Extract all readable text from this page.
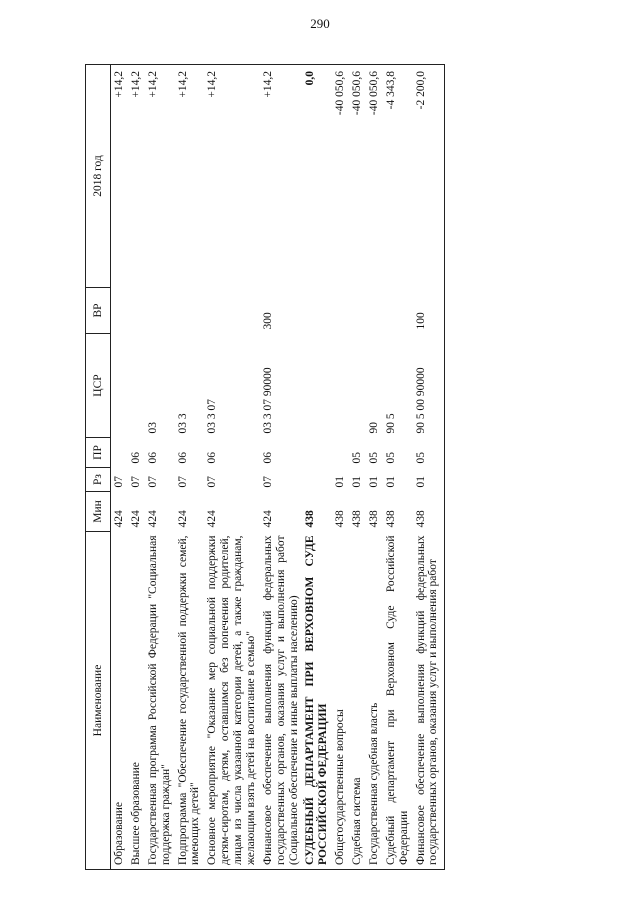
290
Наименование	Мин	Рз	ПР	ЦСР	ВР	2018 год
Образование	424	07				+14,2
Высшее образование	424	07	06			+14,2
Государственная программа Российской Федерации "Социальная поддержка граждан"	424	07	06	03		+14,2
Подпрограмма "Обеспечение государственной поддержки семей, имеющих детей"	424	07	06	03 3		+14,2
Основное мероприятие "Оказание мер социальной поддержки детям-сиротам, детям, оставшимся без попечения родителей, лицам из числа указанной категории детей, а также гражданам, желающим взять детей на воспитание в семью"	424	07	06	03 3 07		+14,2
Финансовое обеспечение выполнения функций федеральных государственных органов, оказания услуг и выполнения работ (Социальное обеспечение и иные выплаты населению)	424	07	06	03 3 07 90000	300	+14,2
СУДЕБНЫЙ ДЕПАРТАМЕНТ ПРИ ВЕРХОВНОМ СУДЕ РОССИЙСКОЙ ФЕДЕРАЦИИ	438					0,0
Общегосударственные вопросы	438	01				-40 050,6
Судебная система	438	01	05			-40 050,6
Государственная судебная власть	438	01	05	90		-40 050,6
Судебный департамент при Верховном Суде Российской Федерации	438	01	05	90 5		-4 343,8
Финансовое обеспечение выполнения функций федеральных государственных органов, оказания услуг и выполнения работ	438	01	05	90 5 00 90000	100	-2 200,0
